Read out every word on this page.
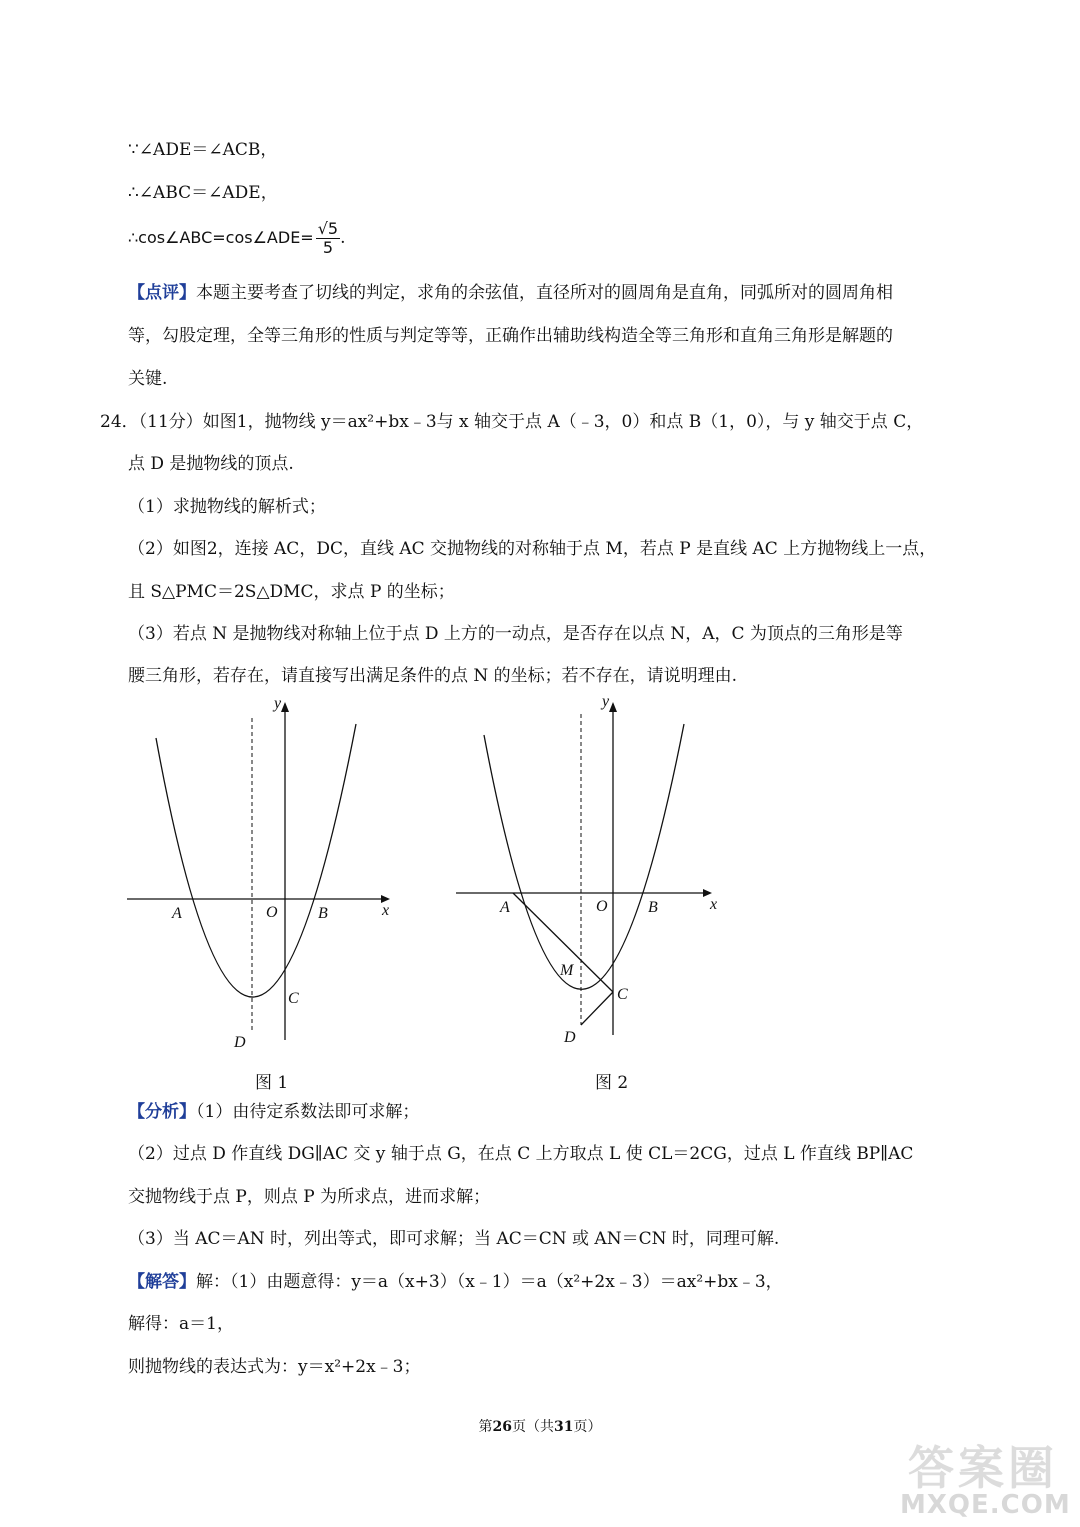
∵∠ADE＝∠ACB，
∴∠ABC＝∠ADE，
∴cos∠ABC=cos∠ADE= $\frac{√5}{5}$ .
【点评】本题主要考查了切线的判定，求角的余弦值，直径所对的圆周角是直角，同弧所对的圆周角相
等，勾股定理，全等三角形的性质与判定等等，正确作出辅助线构造全等三角形和直角三角形是解题的
关键.
24．（11分）如图1，抛物线 y＝ax²+bx﹣3与 x 轴交于点 A（﹣3，0）和点 B（1，0），与 y 轴交于点 C，
点 D 是抛物线的顶点.
（1）求抛物线的解析式；
（2）如图2，连接 AC，DC，直线 AC 交抛物线的对称轴于点 M，若点 P 是直线 AC 上方抛物线上一点，
且 S△PMC＝2S△DMC，求点 P 的坐标；
（3）若点 N 是抛物线对称轴上位于点 D 上方的一动点，是否存在以点 N，A，C 为顶点的三角形是等
腰三角形，若存在，请直接写出满足条件的点 N 的坐标；若不存在，请说明理由.
y
x
A	O	B
C
D
图 1
y
x
A	O	B
M
C
D
图 2
【分析】（1）由待定系数法即可求解；
（2）过点 D 作直线 DG∥AC 交 y 轴于点 G，在点 C 上方取点 L 使 CL＝2CG，过点 L 作直线 BP∥AC
交抛物线于点 P，则点 P 为所求点，进而求解；
（3）当 AC＝AN 时，列出等式，即可求解；当 AC＝CN 或 AN＝CN 时，同理可解.
【解答】解：（1）由题意得：y＝a（x+3）（x﹣1）＝a（x²+2x﹣3）＝ax²+bx﹣3，
解得：a＝1，
则抛物线的表达式为：y＝x²+2x﹣3；
第26页（共31页）
答案圈
MXQE.COM
